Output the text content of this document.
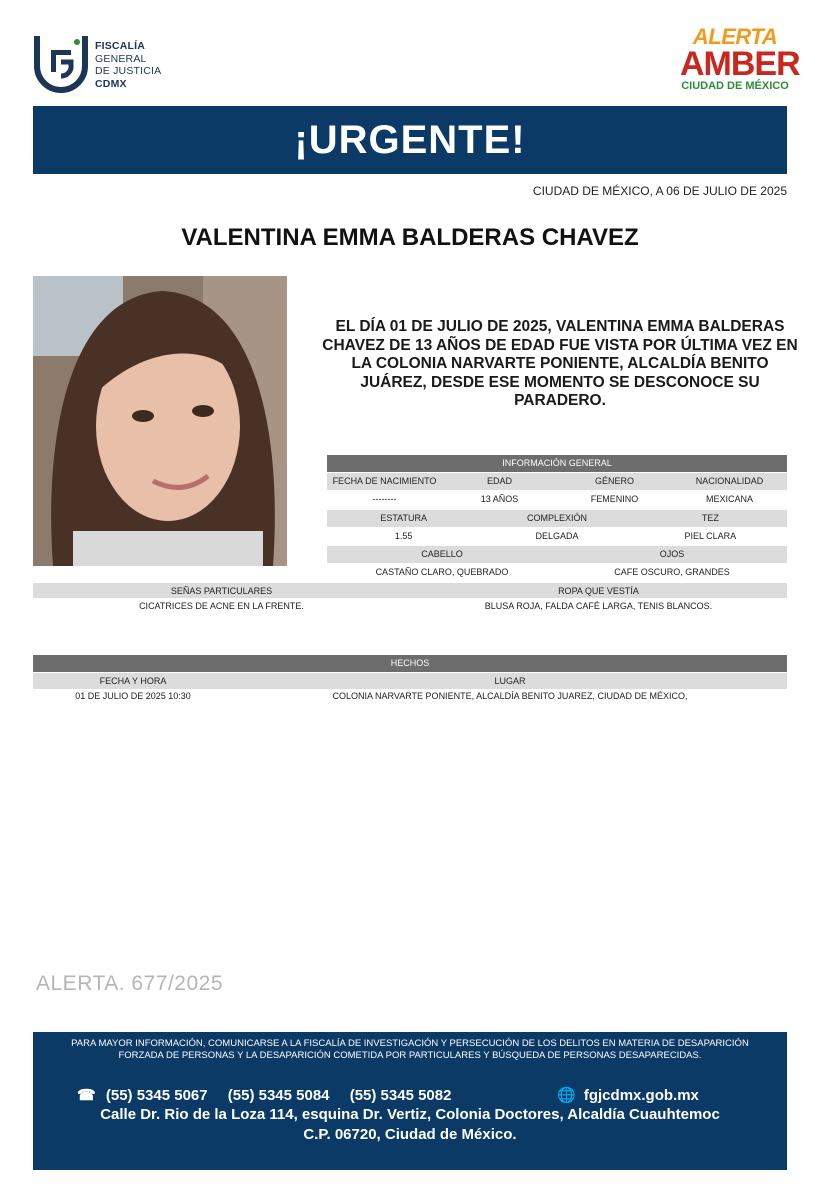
FISCALÍA
GENERAL
DE JUSTICIA
CDMX
ALERTA
AMBER
CIUDAD DE MÉXICO
¡URGENTE!
CIUDAD DE MÉXICO, A 06 DE JULIO DE 2025
VALENTINA EMMA BALDERAS CHAVEZ
EL DÍA 01 DE JULIO DE 2025, VALENTINA EMMA BALDERAS CHAVEZ DE 13 AÑOS DE EDAD FUE VISTA POR ÚLTIMA VEZ EN LA COLONIA NARVARTE PONIENTE, ALCALDÍA BENITO JUÁREZ, DESDE ESE MOMENTO SE DESCONOCE SU PARADERO.
INFORMACIÓN GENERAL
FECHA DE NACIMIENTO	EDAD	GÉNERO	NACIONALIDAD
--------	13 AÑOS	FEMENINO	MEXICANA
ESTATURA	COMPLEXIÓN	TEZ
1.55	DELGADA	PIEL CLARA
CABELLO	OJOS
CASTAÑO CLARO, QUEBRADO	CAFE OSCURO, GRANDES
SEÑAS PARTICULARES	ROPA QUE VESTÍA
CICATRICES DE ACNE EN LA FRENTE.	BLUSA ROJA, FALDA CAFÉ LARGA, TENIS BLANCOS.
HECHOS
FECHA Y HORA	LUGAR
01 DE JULIO DE 2025 10:30	COLONIA NARVARTE PONIENTE, ALCALDÍA BENITO JUAREZ, CIUDAD DE MÉXICO,
ALERTA. 677/2025
PARA MAYOR INFORMACIÓN, COMUNICARSE A LA FISCALÍA DE INVESTIGACIÓN Y PERSECUCIÓN DE LOS DELITOS EN MATERIA DE DESAPARICIÓN FORZADA DE PERSONAS Y LA DESAPARICIÓN COMETIDA POR PARTICULARES Y BÚSQUEDA DE PERSONAS DESAPARECIDAS.
☎ (55) 5345 5067 (55) 5345 5084 (55) 5345 5082	🌐 fgjcdmx.gob.mx
Calle Dr. Rio de la Loza 114, esquina Dr. Vertiz, Colonia Doctores, Alcaldía Cuauhtemoc
C.P. 06720, Ciudad de México.
